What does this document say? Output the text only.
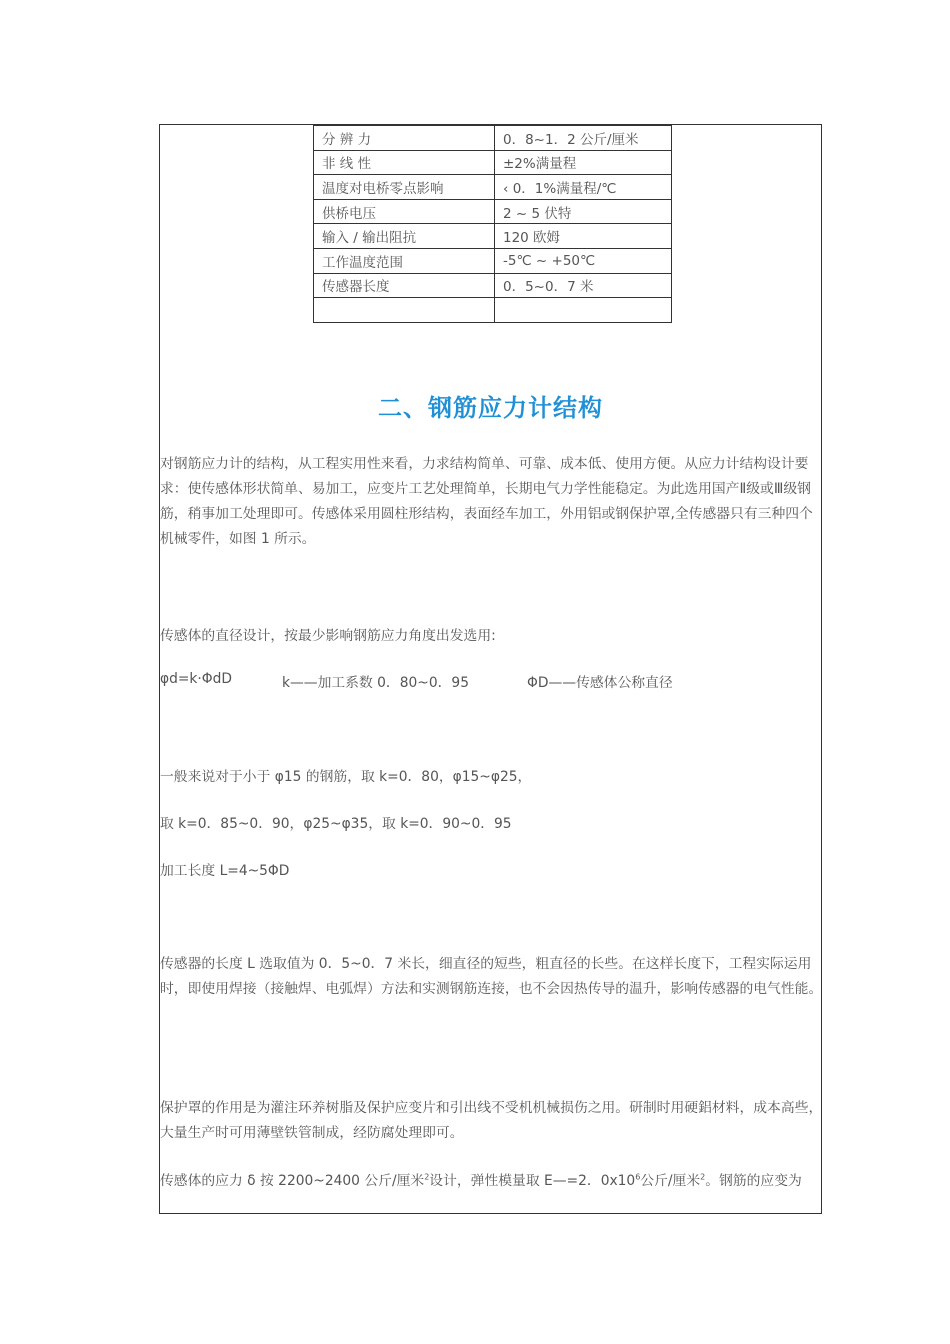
分 辨 力	0．8~1．2 公斤/厘米
非 线 性	±2%满量程
温度对电桥零点影响	‹ 0．1%满量程/℃
供桥电压	2 ~ 5 伏特
输入 / 输出阻抗	120 欧姆
工作温度范围	-5℃ ~ +50℃
传感器长度	0．5~0．7 米

二、钢筋应力计结构

对钢筋应力计的结构，从工程实用性来看，力求结构简单、可靠、成本低、使用方便。从应力计结构设计要求：使传感体形状简单、易加工，应变片工艺处理简单，长期电气力学性能稳定。为此选用国产Ⅱ级或Ⅲ级钢筋，稍事加工处理即可。传感体采用圆柱形结构，表面经车加工，外用铝或钢保护罩,全传感器只有三种四个机械零件，如图 1 所示。

传感体的直径设计，按最少影响钢筋应力角度出发选用:
φd=k·ΦdD	k——加工系数 0．80~0．95	ΦD——传感体公称直径
一般来说对于小于 φ15 的钢筋，取 k=0．80，φ15~φ25，
取 k=0．85~0．90，φ25~φ35，取 k=0．90~0．95
加工长度 L=4~5ΦD

传感器的长度 L 选取值为 0．5~0．7 米长，细直径的短些，粗直径的长些。在这样长度下，工程实际运用时，即使用焊接（接触焊、电弧焊）方法和实测钢筋连接，也不会因热传导的温升，影响传感器的电气性能。

保护罩的作用是为灌注环养树脂及保护应变片和引出线不受机机械损伤之用。研制时用硬鋁材料，成本高些，大量生产时可用薄壁铁管制成，经防腐处理即可。

传感体的应力 δ 按 2200~2400 公斤/厘米$^2$设计，弹性模量取 E—=2．$0x10^6$公斤/厘米$^2$。钢筋的应变为
